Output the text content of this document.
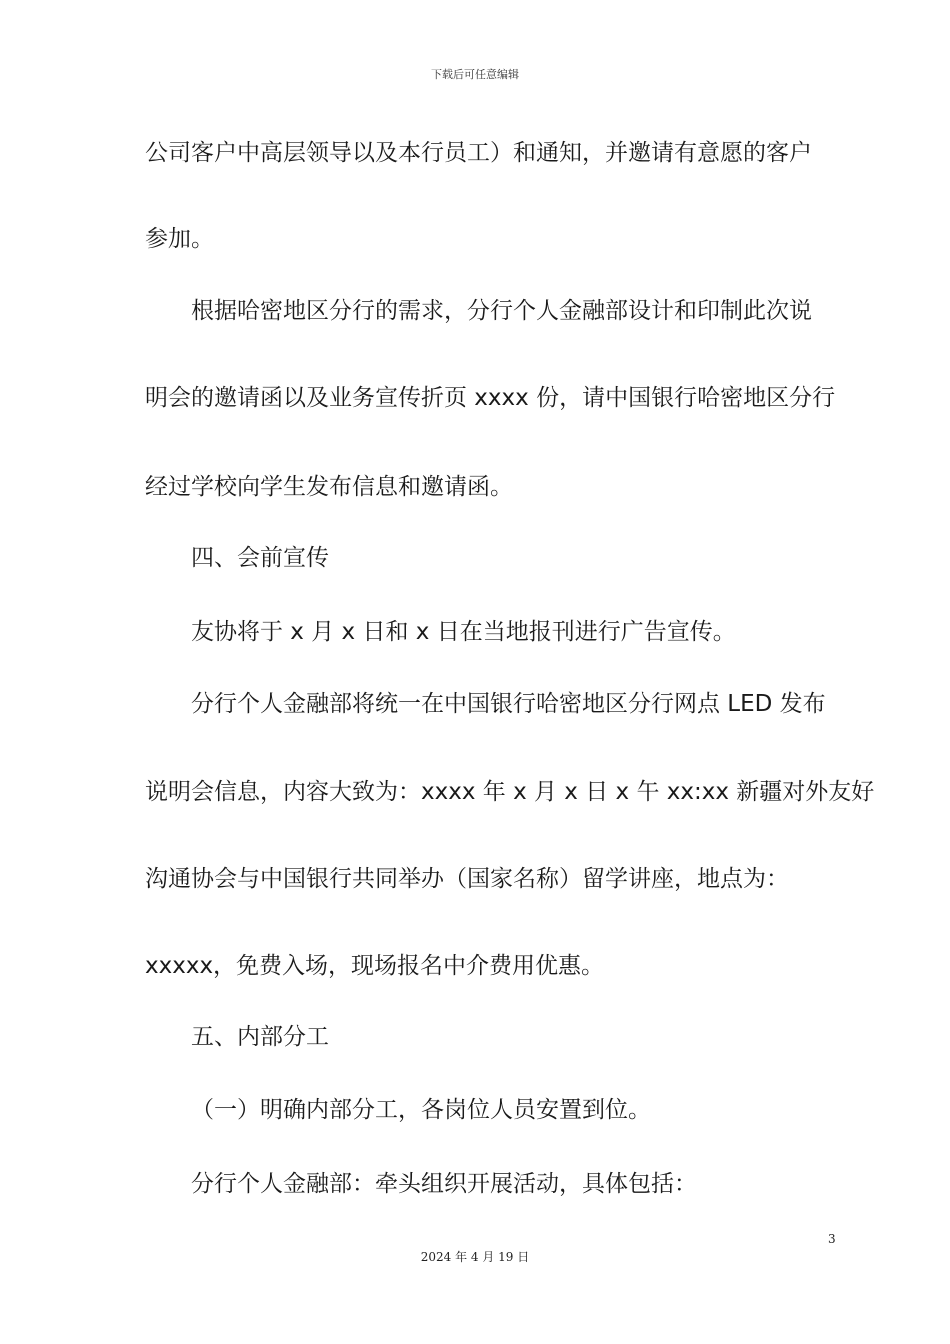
下载后可任意编辑
公司客户中高层领导以及本行员工）和通知，并邀请有意愿的客户
参加。
根据哈密地区分行的需求，分行个人金融部设计和印制此次说
明会的邀请函以及业务宣传折页 xxxx 份，请中国银行哈密地区分行
经过学校向学生发布信息和邀请函。
四、会前宣传
友协将于 x 月 x 日和 x 日在当地报刊进行广告宣传。
分行个人金融部将统一在中国银行哈密地区分行网点 LED 发布
说明会信息，内容大致为：xxxx 年 x 月 x 日 x 午 xx:xx 新疆对外友好
沟通协会与中国银行共同举办（国家名称）留学讲座，地点为：
xxxxx，免费入场，现场报名中介费用优惠。
五、内部分工
（一）明确内部分工，各岗位人员安置到位。
分行个人金融部：牵头组织开展活动，具体包括：
3
2024 年 4 月 19 日
